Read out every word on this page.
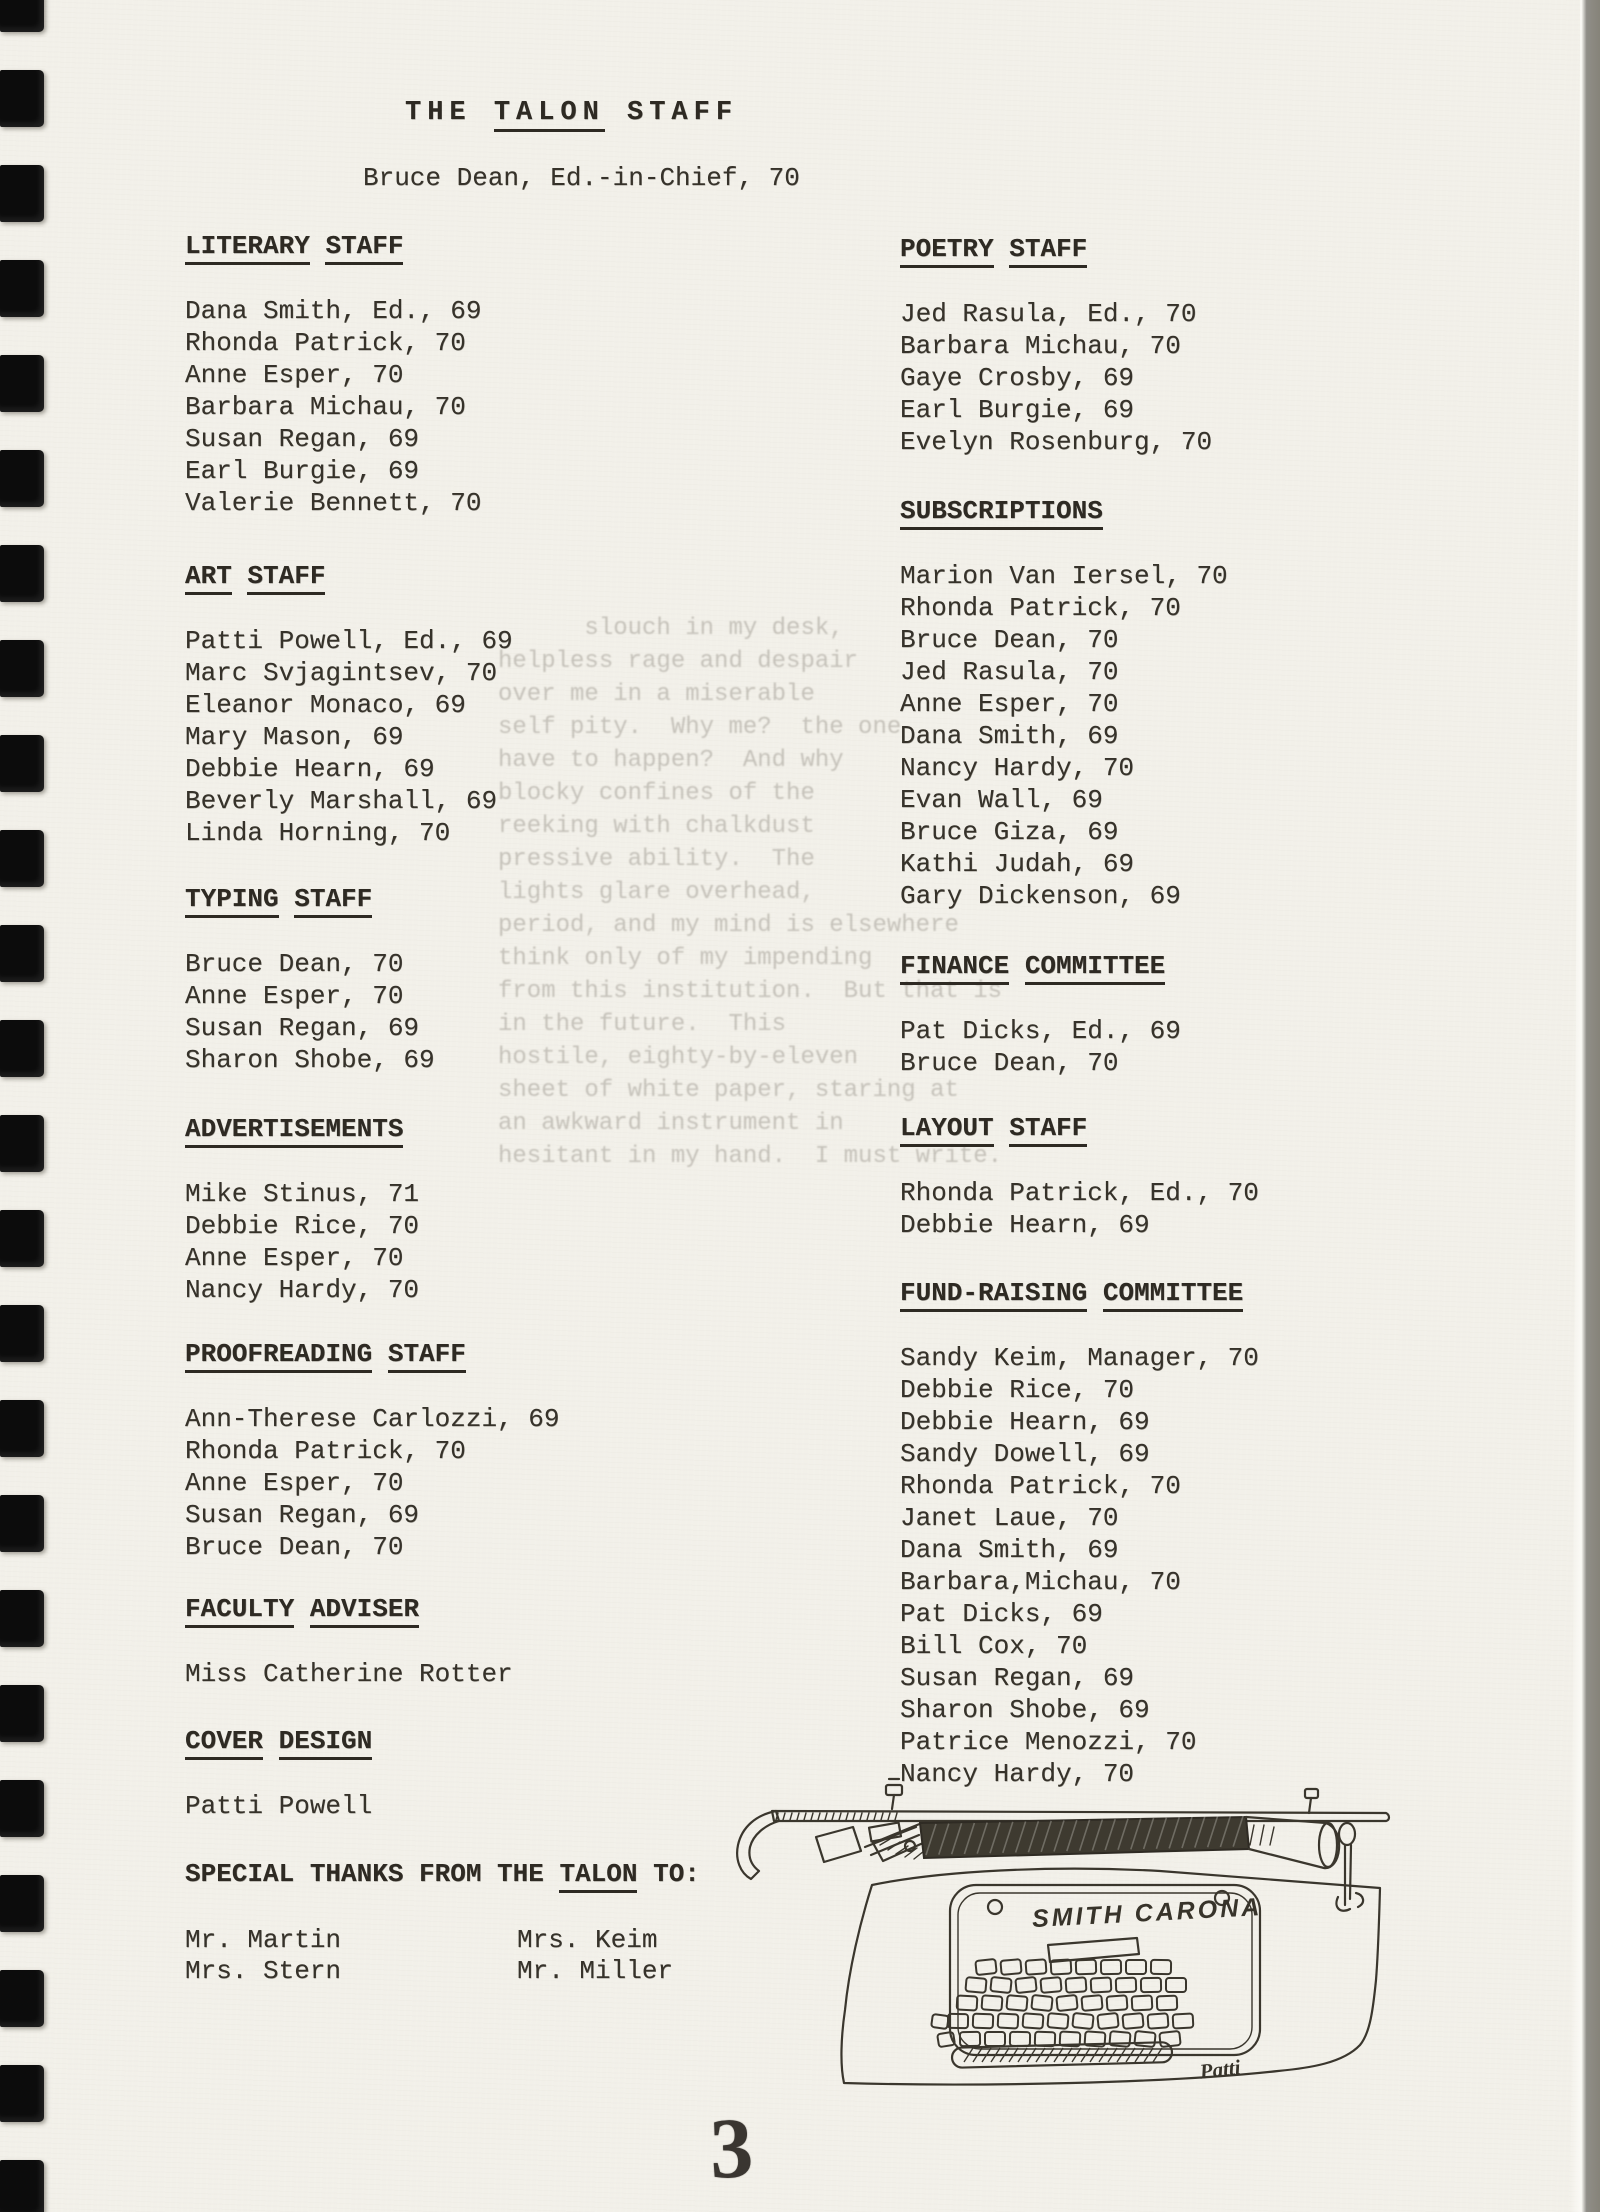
THE TALON STAFF
Bruce Dean, Ed.-in-Chief, 70
slouch in my desk,
helpless rage and despair
over me in a miserable
self pity.  Why me?  the one
have to happen?  And why
blocky confines of the
reeking with chalkdust
pressive ability.  The
lights glare overhead,
period, and my mind is elsewhere
think only of my impending
from this institution.  But that is
in the future.  This
hostile, eighty-by-eleven
sheet of white paper, staring at
an awkward instrument in
hesitant in my hand.  I must write.
LITERARY STAFF
Dana Smith, Ed., 69
Rhonda Patrick, 70
Anne Esper, 70
Barbara Michau, 70
Susan Regan, 69
Earl Burgie, 69
Valerie Bennett, 70
ART STAFF
Patti Powell, Ed., 69
Marc Svjagintsev, 70
Eleanor Monaco, 69
Mary Mason, 69
Debbie Hearn, 69
Beverly Marshall, 69
Linda Horning, 70
TYPING STAFF
Bruce Dean, 70
Anne Esper, 70
Susan Regan, 69
Sharon Shobe, 69
ADVERTISEMENTS
Mike Stinus, 71
Debbie Rice, 70
Anne Esper, 70
Nancy Hardy, 70
PROOFREADING STAFF
Ann-Therese Carlozzi, 69
Rhonda Patrick, 70
Anne Esper, 70
Susan Regan, 69
Bruce Dean, 70
FACULTY ADVISER
Miss Catherine Rotter
COVER DESIGN
Patti Powell
SPECIAL THANKS FROM THE TALON TO:
Mr. Martin	Mrs. Keim
Mrs. Stern	Mr. Miller
POETRY STAFF
Jed Rasula, Ed., 70
Barbara Michau, 70
Gaye Crosby, 69
Earl Burgie, 69
Evelyn Rosenburg, 70
SUBSCRIPTIONS
Marion Van Iersel, 70
Rhonda Patrick, 70
Bruce Dean, 70
Jed Rasula, 70
Anne Esper, 70
Dana Smith, 69
Nancy Hardy, 70
Evan Wall, 69
Bruce Giza, 69
Kathi Judah, 69
Gary Dickenson, 69
FINANCE COMMITTEE
Pat Dicks, Ed., 69
Bruce Dean, 70
LAYOUT STAFF
Rhonda Patrick, Ed., 70
Debbie Hearn, 69
FUND-RAISING COMMITTEE
Sandy Keim, Manager, 70
Debbie Rice, 70
Debbie Hearn, 69
Sandy Dowell, 69
Rhonda Patrick, 70
Janet Laue, 70
Dana Smith, 69
Barbara,Michau, 70
Pat Dicks, 69
Bill Cox, 70
Susan Regan, 69
Sharon Shobe, 69
Patrice Menozzi, 70
Nancy Hardy, 70
SMITH CARONA
Patti
3
